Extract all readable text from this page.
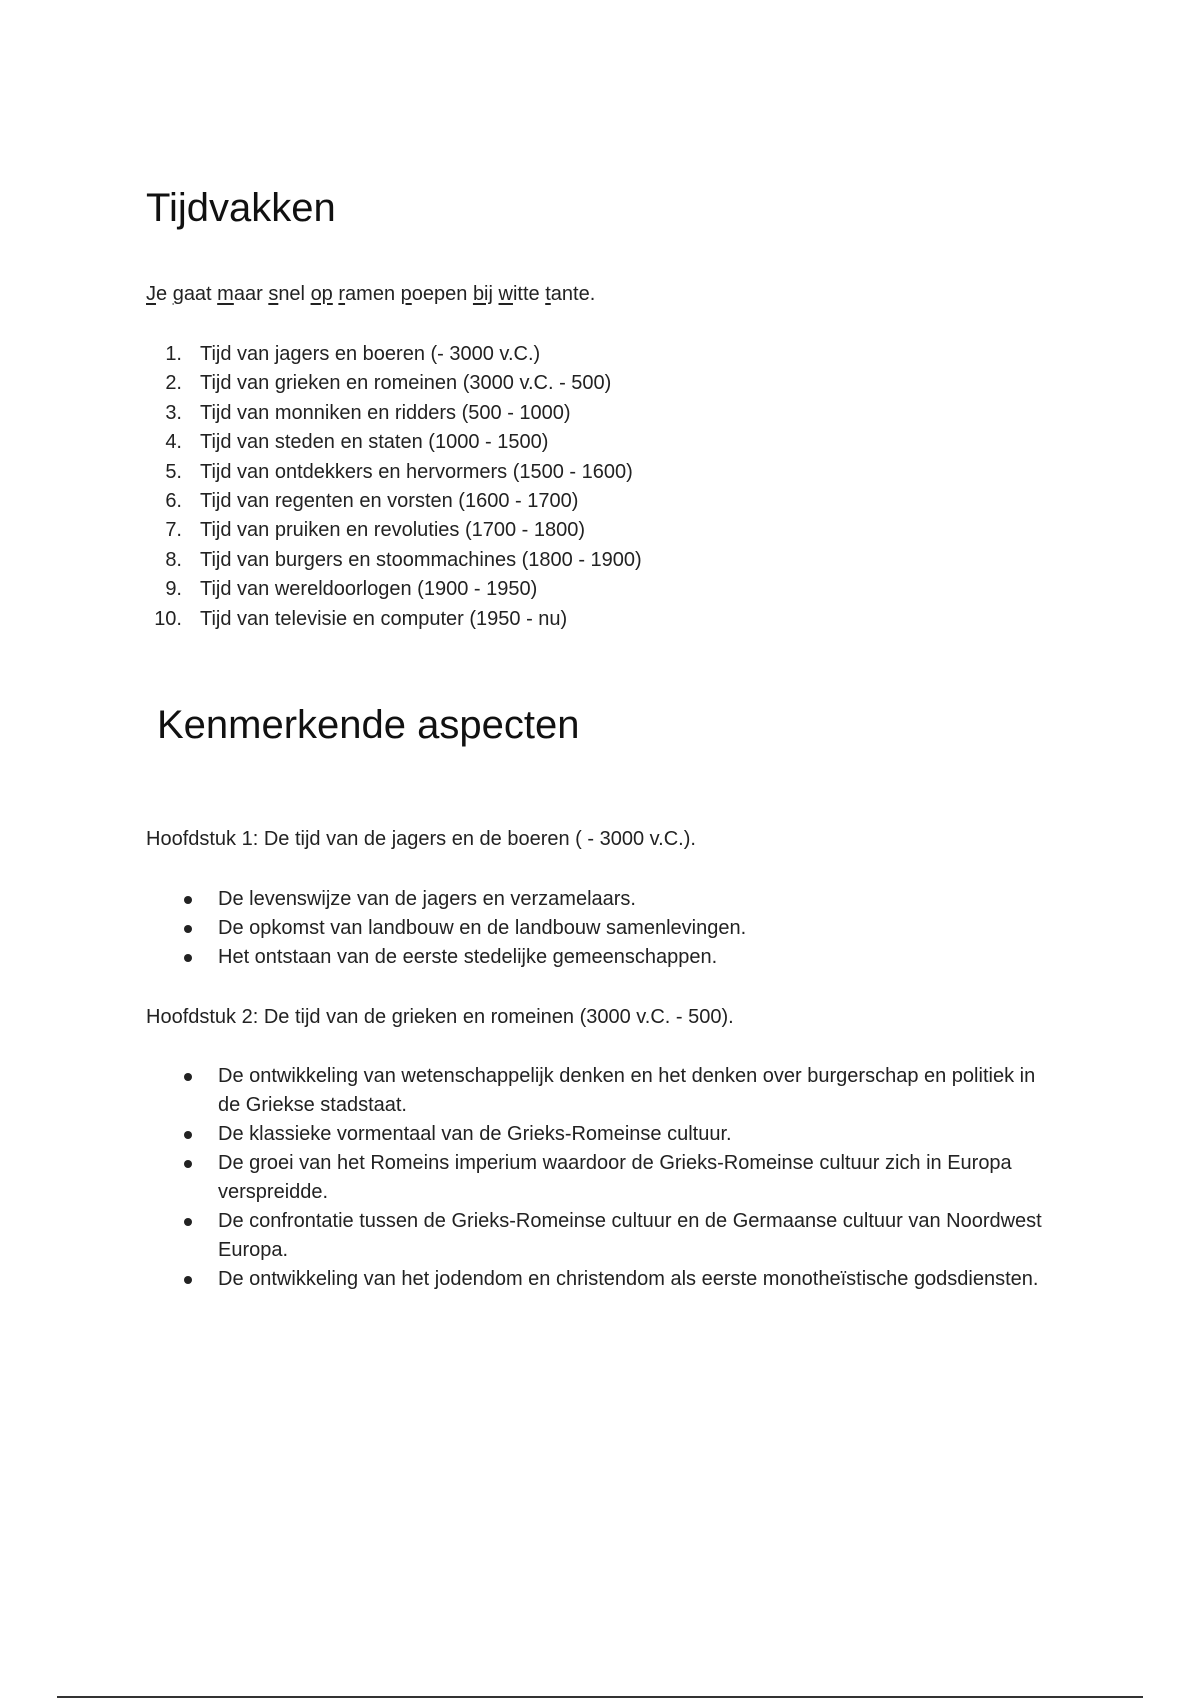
Tijdvakken
Je gaat maar snel op ramen poepen bij witte tante.
1. Tijd van jagers en boeren (- 3000 v.C.)
2. Tijd van grieken en romeinen (3000 v.C. - 500)
3. Tijd van monniken en ridders (500 - 1000)
4. Tijd van steden en staten (1000 - 1500)
5. Tijd van ontdekkers en hervormers (1500 - 1600)
6. Tijd van regenten en vorsten (1600 - 1700)
7. Tijd van pruiken en revoluties (1700 - 1800)
8. Tijd van burgers en stoommachines (1800 - 1900)
9. Tijd van wereldoorlogen (1900 - 1950)
10. Tijd van televisie en computer (1950 - nu)
Kenmerkende aspecten
Hoofdstuk 1: De tijd van de jagers en de boeren ( - 3000 v.C.).
De levenswijze van de jagers en verzamelaars.
De opkomst van landbouw en de landbouw samenlevingen.
Het ontstaan van de eerste stedelijke gemeenschappen.
Hoofdstuk 2: De tijd van de grieken en romeinen (3000 v.C. - 500).
De ontwikkeling van wetenschappelijk denken en het denken over burgerschap en politiek in de Griekse stadstaat.
De klassieke vormentaal van de Grieks-Romeinse cultuur.
De groei van het Romeins imperium waardoor de Grieks-Romeinse cultuur zich in Europa verspreidde.
De confrontatie tussen de Grieks-Romeinse cultuur en de Germaanse cultuur van Noordwest Europa.
De ontwikkeling van het jodendom en christendom als eerste monotheïstische godsdiensten.
